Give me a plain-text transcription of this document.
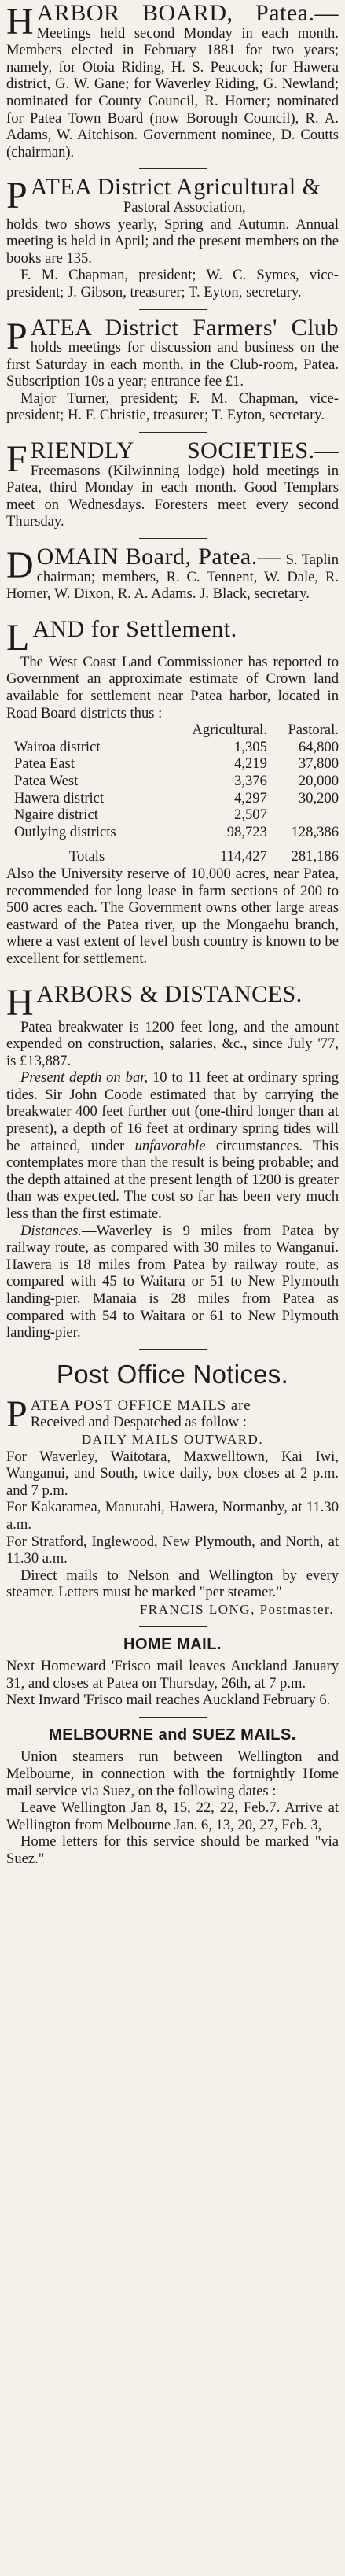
H ARBOR BOARD, Patea.— Meetings held second Monday in each month. Members elected in February 1881 for two years; namely, for Otoia Riding, H. S. Peacock; for Hawera district, G. W. Gane; for Waverley Riding, G. Newland; nominated for County Council, R. Horner; nominated for Patea Town Board (now Borough Council), R. A. Adams, W. Aitchison. Government nominee, D. Coutts (chairman).
P ATEA District Agricultural &
Pastoral Association,
holds two shows yearly, Spring and Autumn. Annual meeting is held in April; and the present members on the books are 135.

F. M. Chapman, president; W. C. Symes, vice-president; J. Gibson, treasurer; T. Eyton, secretary.

P ATEA District Farmers' Club holds meetings for discussion and business on the first Saturday in each month, in the Club-room, Patea. Subscription 10s a year; entrance fee £1.

Major Turner, president; F. M. Chapman, vice-president; H. F. Christie, treasurer; T. Eyton, secretary.

F RIENDLY SOCIETIES.— Freemasons (Kilwinning lodge) hold meetings in Patea, third Monday in each month. Good Templars meet on Wednesdays. Foresters meet every second Thursday.
D OMAIN Board, Patea.— S. Taplin chairman; members, R. C. Tennent, W. Dale, R. Horner, W. Dixon, R. A. Adams. J. Black, secretary.
L AND for Settlement.

The West Coast Land Commissioner has reported to Government an approximate estimate of Crown land available for settlement near Patea harbor, located in Road Board districts thus :—

	Agricultural.	Pastoral.
Wairoa district	1,305	64,800
Patea East	4,219	37,800
Patea West	3,376	20,000
Hawera district	4,297	30,200
Ngaire district	2,507	
Outlying districts	98,723	128,386
Totals	114,427	281,186

Also the University reserve of 10,000 acres, near Patea, recommended for long lease in farm sections of 200 to 500 acres each. The Government owns other large areas eastward of the Patea river, up the Mongaehu branch, where a vast extent of level bush country is known to be excellent for settlement.

H ARBORS & DISTANCES.

Patea breakwater is 1200 feet long, and the amount expended on construction, salaries, &c., since July '77, is £13,887.

Present depth on bar, 10 to 11 feet at ordinary spring tides. Sir John Coode estimated that by carrying the breakwater 400 feet further out (one-third longer than at present), a depth of 16 feet at ordinary spring tides will be attained, under unfavorable circumstances. This contemplates more than the result is being probable; and the depth attained at the present length of 1200 is greater than was expected. The cost so far has been very much less than the first estimate.

Distances.—Waverley is 9 miles from Patea by railway route, as compared with 30 miles to Wanganui. Hawera is 18 miles from Patea by railway route, as compared with 45 to Waitara or 51 to New Plymouth landing-pier. Manaia is 28 miles from Patea as compared with 54 to Waitara or 61 to New Plymouth landing-pier.

Post Office Notices.
P ATEA POST OFFICE MAILS are
Received and Despatched as follow :—
DAILY MAILS OUTWARD.

For Waverley, Waitotara, Maxwelltown, Kai Iwi, Wanganui, and South, twice daily, box closes at 2 p.m. and 7 p.m.

For Kakaramea, Manutahi, Hawera, Normanby, at 11.30 a.m.

For Stratford, Inglewood, New Plymouth, and North, at 11.30 a.m.

Direct mails to Nelson and Wellington by every steamer. Letters must be marked "per steamer."

FRANCIS LONG, Postmaster.

HOME MAIL.

Next Homeward 'Frisco mail leaves Auckland January 31, and closes at Patea on Thursday, 26th, at 7 p.m.

Next Inward 'Frisco mail reaches Auckland February 6.

MELBOURNE and SUEZ MAILS.

Union steamers run between Wellington and Melbourne, in connection with the fortnightly Home mail service via Suez, on the following dates :—

Leave Wellington Jan 8, 15, 22, 22, Feb.7. Arrive at Wellington from Melbourne Jan. 6, 13, 20, 27, Feb. 3,

Home letters for this service should be marked "via Suez."
